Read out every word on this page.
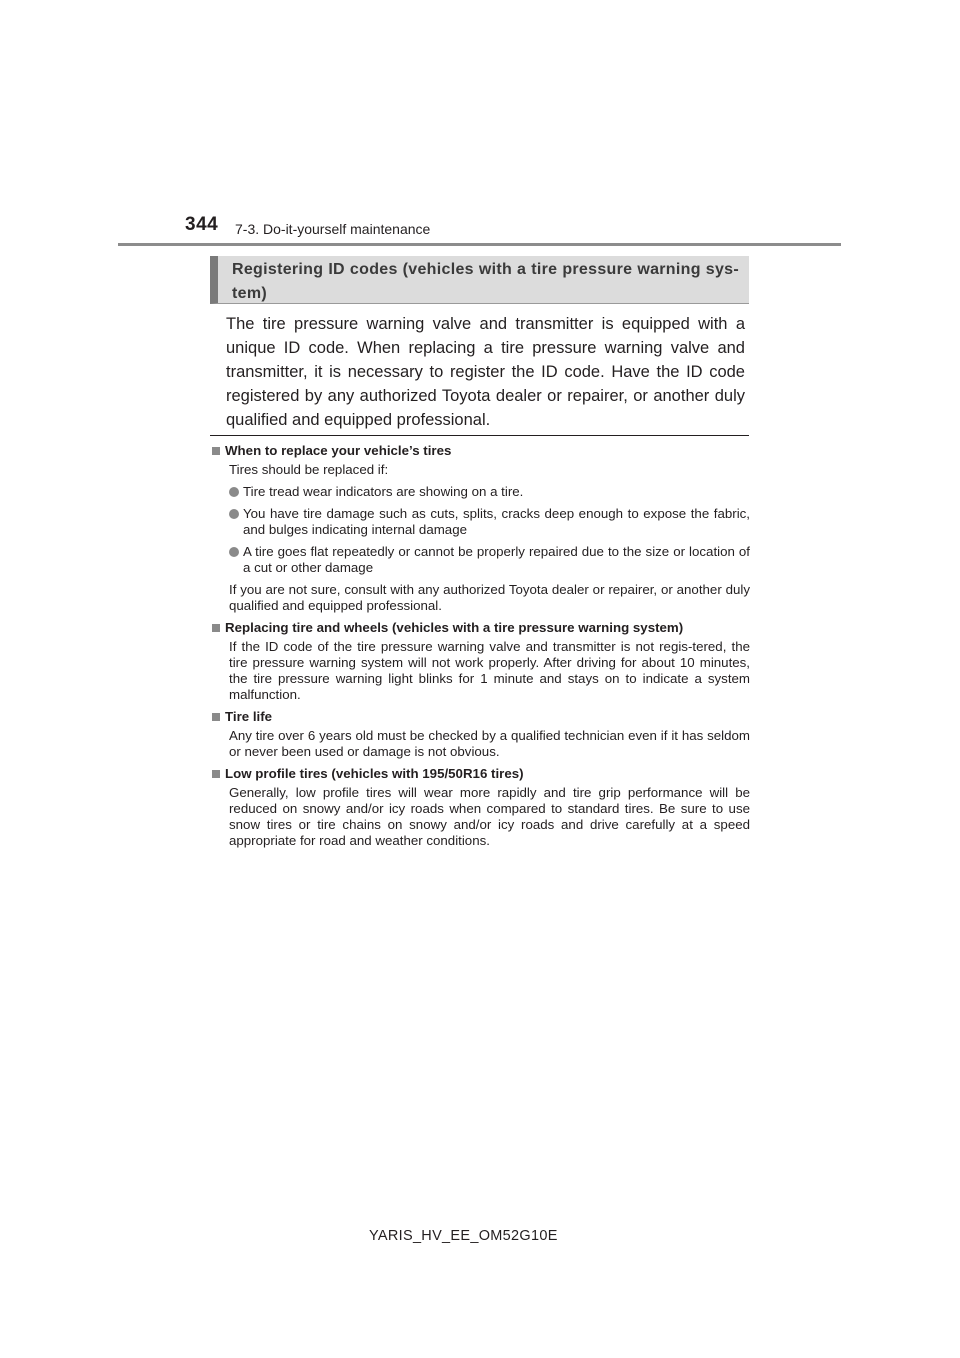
344 7-3. Do-it-yourself maintenance
Registering ID codes (vehicles with a tire pressure warning sys-tem)
The tire pressure warning valve and transmitter is equipped with a unique ID code. When replacing a tire pressure warning valve and transmitter, it is necessary to register the ID code. Have the ID code registered by any authorized Toyota dealer or repairer, or another duly qualified and equipped professional.
When to replace your vehicle’s tires
Tires should be replaced if:
Tire tread wear indicators are showing on a tire.
You have tire damage such as cuts, splits, cracks deep enough to expose the fabric, and bulges indicating internal damage
A tire goes flat repeatedly or cannot be properly repaired due to the size or location of a cut or other damage
If you are not sure, consult with any authorized Toyota dealer or repairer, or another duly qualified and equipped professional.
Replacing tire and wheels (vehicles with a tire pressure warning system)
If the ID code of the tire pressure warning valve and transmitter is not regis-tered, the tire pressure warning system will not work properly. After driving for about 10 minutes, the tire pressure warning light blinks for 1 minute and stays on to indicate a system malfunction.
Tire life
Any tire over 6 years old must be checked by a qualified technician even if it has seldom or never been used or damage is not obvious.
Low profile tires (vehicles with 195/50R16 tires)
Generally, low profile tires will wear more rapidly and tire grip performance will be reduced on snowy and/or icy roads when compared to standard tires. Be sure to use snow tires or tire chains on snowy and/or icy roads and drive carefully at a speed appropriate for road and weather conditions.
YARIS_HV_EE_OM52G10E
